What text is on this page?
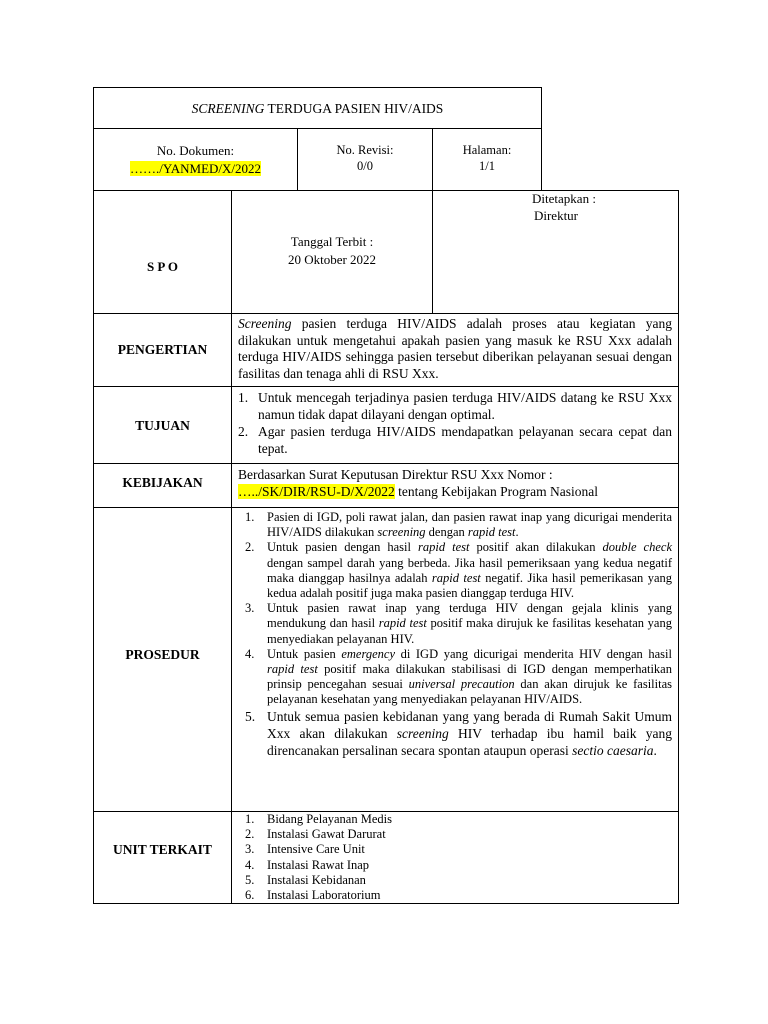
SCREENING TERDUGA PASIEN HIV/AIDS
No. Dokumen:
……./YANMED/X/2022
No. Revisi:
0/0
Halaman:
1/1
S P O
Tanggal Terbit :
20 Oktober 2022
Ditetapkan :
Direktur
PENGERTIAN
Screening pasien terduga HIV/AIDS adalah proses atau kegiatan yang dilakukan untuk mengetahui apakah pasien yang masuk ke RSU Xxx adalah terduga HIV/AIDS sehingga pasien tersebut diberikan pelayanan sesuai dengan fasilitas dan tenaga ahli di RSU Xxx.
TUJUAN
1. Untuk mencegah terjadinya pasien terduga HIV/AIDS datang ke RSU Xxx namun tidak dapat dilayani dengan optimal.
2. Agar pasien terduga HIV/AIDS mendapatkan pelayanan secara cepat dan tepat.
KEBIJAKAN
Berdasarkan Surat Keputusan Direktur RSU Xxx Nomor :
…../SK/DIR/RSU-D/X/2022 tentang Kebijakan Program Nasional
PROSEDUR
1. Pasien di IGD, poli rawat jalan, dan pasien rawat inap yang dicurigai menderita HIV/AIDS dilakukan screening dengan rapid test.
2. Untuk pasien dengan hasil rapid test positif akan dilakukan double check dengan sampel darah yang berbeda. Jika hasil pemeriksaan yang kedua negatif maka dianggap hasilnya adalah rapid test negatif. Jika hasil pemerikasan yang kedua adalah positif juga maka pasien dianggap terduga HIV.
3. Untuk pasien rawat inap yang terduga HIV dengan gejala klinis yang mendukung dan hasil rapid test positif maka dirujuk ke fasilitas kesehatan yang menyediakan pelayanan HIV.
4. Untuk pasien emergency di IGD yang dicurigai menderita HIV dengan hasil rapid test positif maka dilakukan stabilisasi di IGD dengan memperhatikan prinsip pencegahan sesuai universal precaution dan akan dirujuk ke fasilitas pelayanan kesehatan yang menyediakan pelayanan HIV/AIDS.
5. Untuk semua pasien kebidanan yang yang berada di Rumah Sakit Umum Xxx akan dilakukan screening HIV terhadap ibu hamil baik yang direncanakan persalinan secara spontan ataupun operasi sectio caesaria.
UNIT TERKAIT
1. Bidang Pelayanan Medis
2. Instalasi Gawat Darurat
3. Intensive Care Unit
4. Instalasi Rawat Inap
5. Instalasi Kebidanan
6. Instalasi Laboratorium
